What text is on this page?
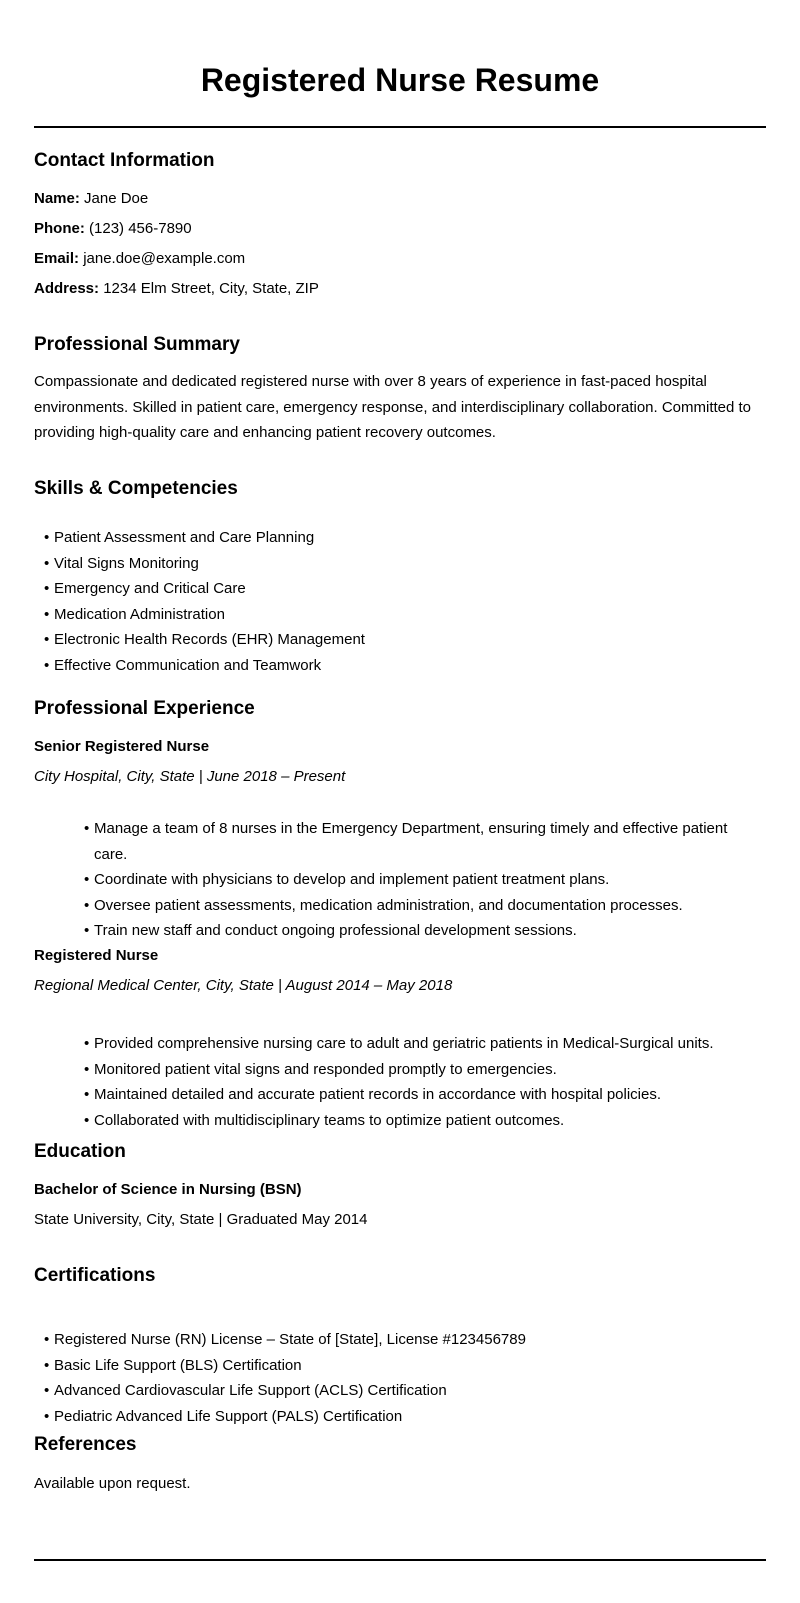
Registered Nurse Resume
Contact Information
Name: Jane Doe
Phone: (123) 456-7890
Email: jane.doe@example.com
Address: 1234 Elm Street, City, State, ZIP
Professional Summary

Compassionate and dedicated registered nurse with over 8 years of experience in fast-paced hospital environments. Skilled in patient care, emergency response, and interdisciplinary collaboration. Committed to providing high-quality care and enhancing patient recovery outcomes.

Skills & Competencies
• Patient Assessment and Care Planning
• Vital Signs Monitoring
• Emergency and Critical Care
• Medication Administration
• Electronic Health Records (EHR) Management
• Effective Communication and Teamwork
Professional Experience
Senior Registered Nurse
City Hospital, City, State | June 2018 – Present
• Manage a team of 8 nurses in the Emergency Department, ensuring timely and effective patient care.
• Coordinate with physicians to develop and implement patient treatment plans.
• Oversee patient assessments, medication administration, and documentation processes.
• Train new staff and conduct ongoing professional development sessions.
Registered Nurse
Regional Medical Center, City, State | August 2014 – May 2018
• Provided comprehensive nursing care to adult and geriatric patients in Medical-Surgical units.
• Monitored patient vital signs and responded promptly to emergencies.
• Maintained detailed and accurate patient records in accordance with hospital policies.
• Collaborated with multidisciplinary teams to optimize patient outcomes.
Education
Bachelor of Science in Nursing (BSN)
State University, City, State | Graduated May 2014
Certifications
• Registered Nurse (RN) License – State of [State], License #123456789
• Basic Life Support (BLS) Certification
• Advanced Cardiovascular Life Support (ACLS) Certification
• Pediatric Advanced Life Support (PALS) Certification
References
Available upon request.
